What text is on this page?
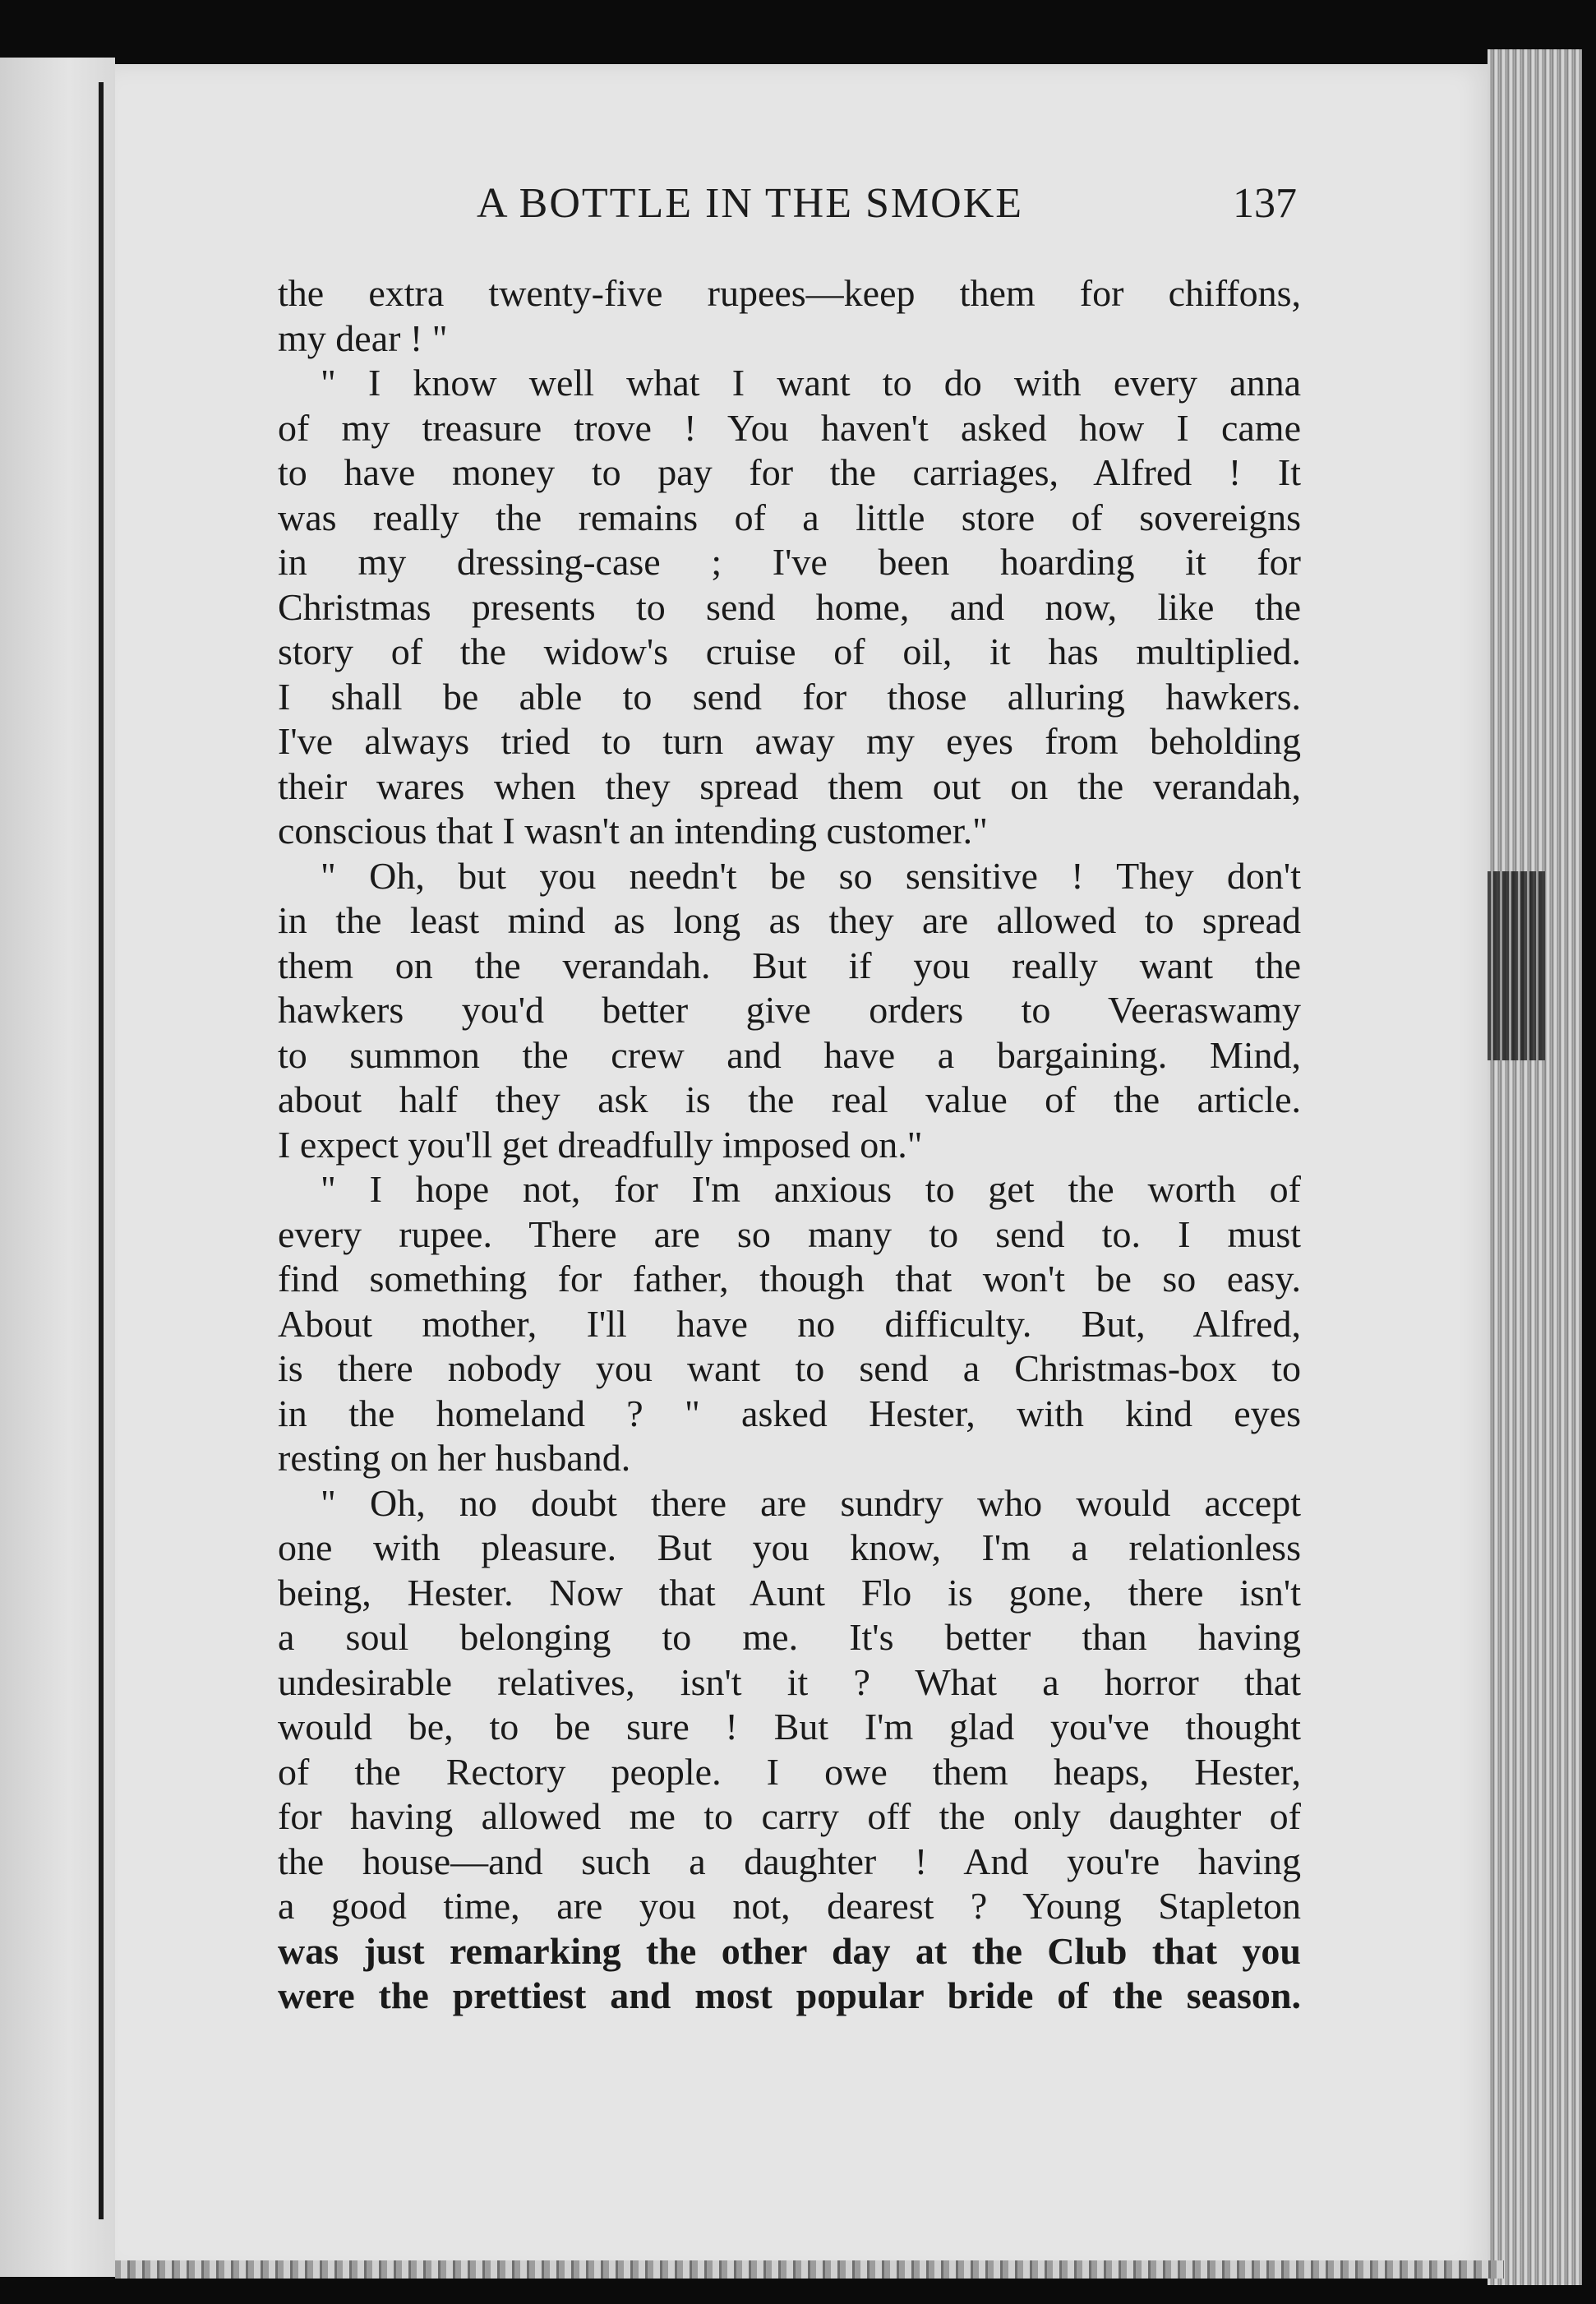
A BOTTLE IN THE SMOKE	137
the extra twenty-five rupees—keep them for chiffons,
my dear ! "
" I know well what I want to do with every anna
of my treasure trove ! You haven't asked how I came
to have money to pay for the carriages, Alfred ! It
was really the remains of a little store of sovereigns
in my dressing-case ; I've been hoarding it for
Christmas presents to send home, and now, like the
story of the widow's cruise of oil, it has multiplied.
I shall be able to send for those alluring hawkers.
I've always tried to turn away my eyes from beholding
their wares when they spread them out on the verandah,
conscious that I wasn't an intending customer."
" Oh, but you needn't be so sensitive ! They don't
in the least mind as long as they are allowed to spread
them on the verandah. But if you really want the
hawkers you'd better give orders to Veeraswamy
to summon the crew and have a bargaining. Mind,
about half they ask is the real value of the article.
I expect you'll get dreadfully imposed on."
" I hope not, for I'm anxious to get the worth of
every rupee. There are so many to send to. I must
find something for father, though that won't be so easy.
About mother, I'll have no difficulty. But, Alfred,
is there nobody you want to send a Christmas-box to
in the homeland ? " asked Hester, with kind eyes
resting on her husband.
" Oh, no doubt there are sundry who would accept
one with pleasure. But you know, I'm a relationless
being, Hester. Now that Aunt Flo is gone, there isn't
a soul belonging to me. It's better than having
undesirable relatives, isn't it ? What a horror that
would be, to be sure ! But I'm glad you've thought
of the Rectory people. I owe them heaps, Hester,
for having allowed me to carry off the only daughter of
the house—and such a daughter ! And you're having
a good time, are you not, dearest ? Young Stapleton
was just remarking the other day at the Club that you
were the prettiest and most popular bride of the season.
